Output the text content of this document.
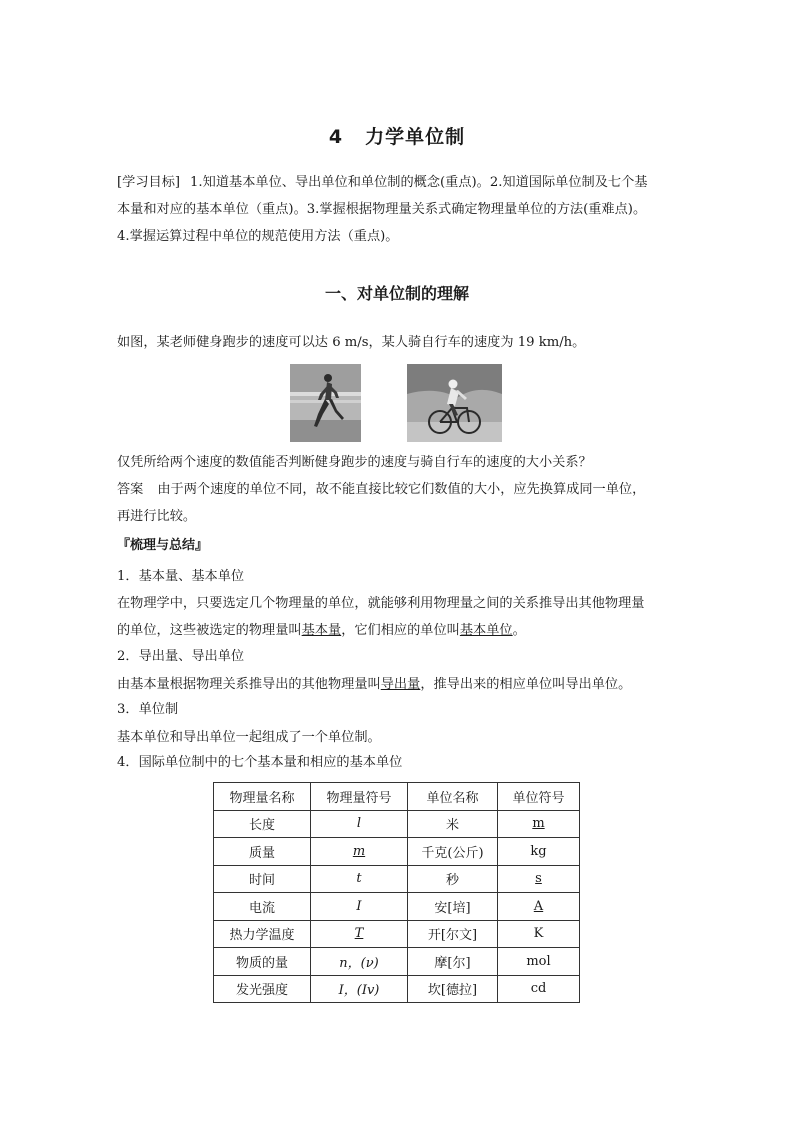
4 力学单位制
[学习目标] 1.知道基本单位、导出单位和单位制的概念(重点)。2.知道国际单位制及七个基
本量和对应的基本单位（重点)。3.掌握根据物理量关系式确定物理量单位的方法(重难点)。
4.掌握运算过程中单位的规范使用方法（重点)。
一、对单位制的理解
如图，某老师健身跑步的速度可以达 6 m/s，某人骑自行车的速度为 19 km/h。
仅凭所给两个速度的数值能否判断健身跑步的速度与骑自行车的速度的大小关系？
答案 由于两个速度的单位不同，故不能直接比较它们数值的大小，应先换算成同一单位，
再进行比较。
『梳理与总结』
1．基本量、基本单位
在物理学中，只要选定几个物理量的单位，就能够利用物理量之间的关系推导出其他物理量
的单位，这些被选定的物理量叫基本量，它们相应的单位叫基本单位。
2．导出量、导出单位
由基本量根据物理关系推导出的其他物理量叫导出量，推导出来的相应单位叫导出单位。
3．单位制
基本单位和导出单位一起组成了一个单位制。
4．国际单位制中的七个基本量和相应的基本单位
物理量名称	物理量符号	单位名称	单位符号
长度	l	米	m
质量	m	千克(公斤)	kg
时间	t	秒	s
电流	I	安[培]	A
热力学温度	T	开[尔文]	K
物质的量	n，(ν)	摩[尔]	mol
发光强度	I，(Iv)	坎[德拉]	cd
